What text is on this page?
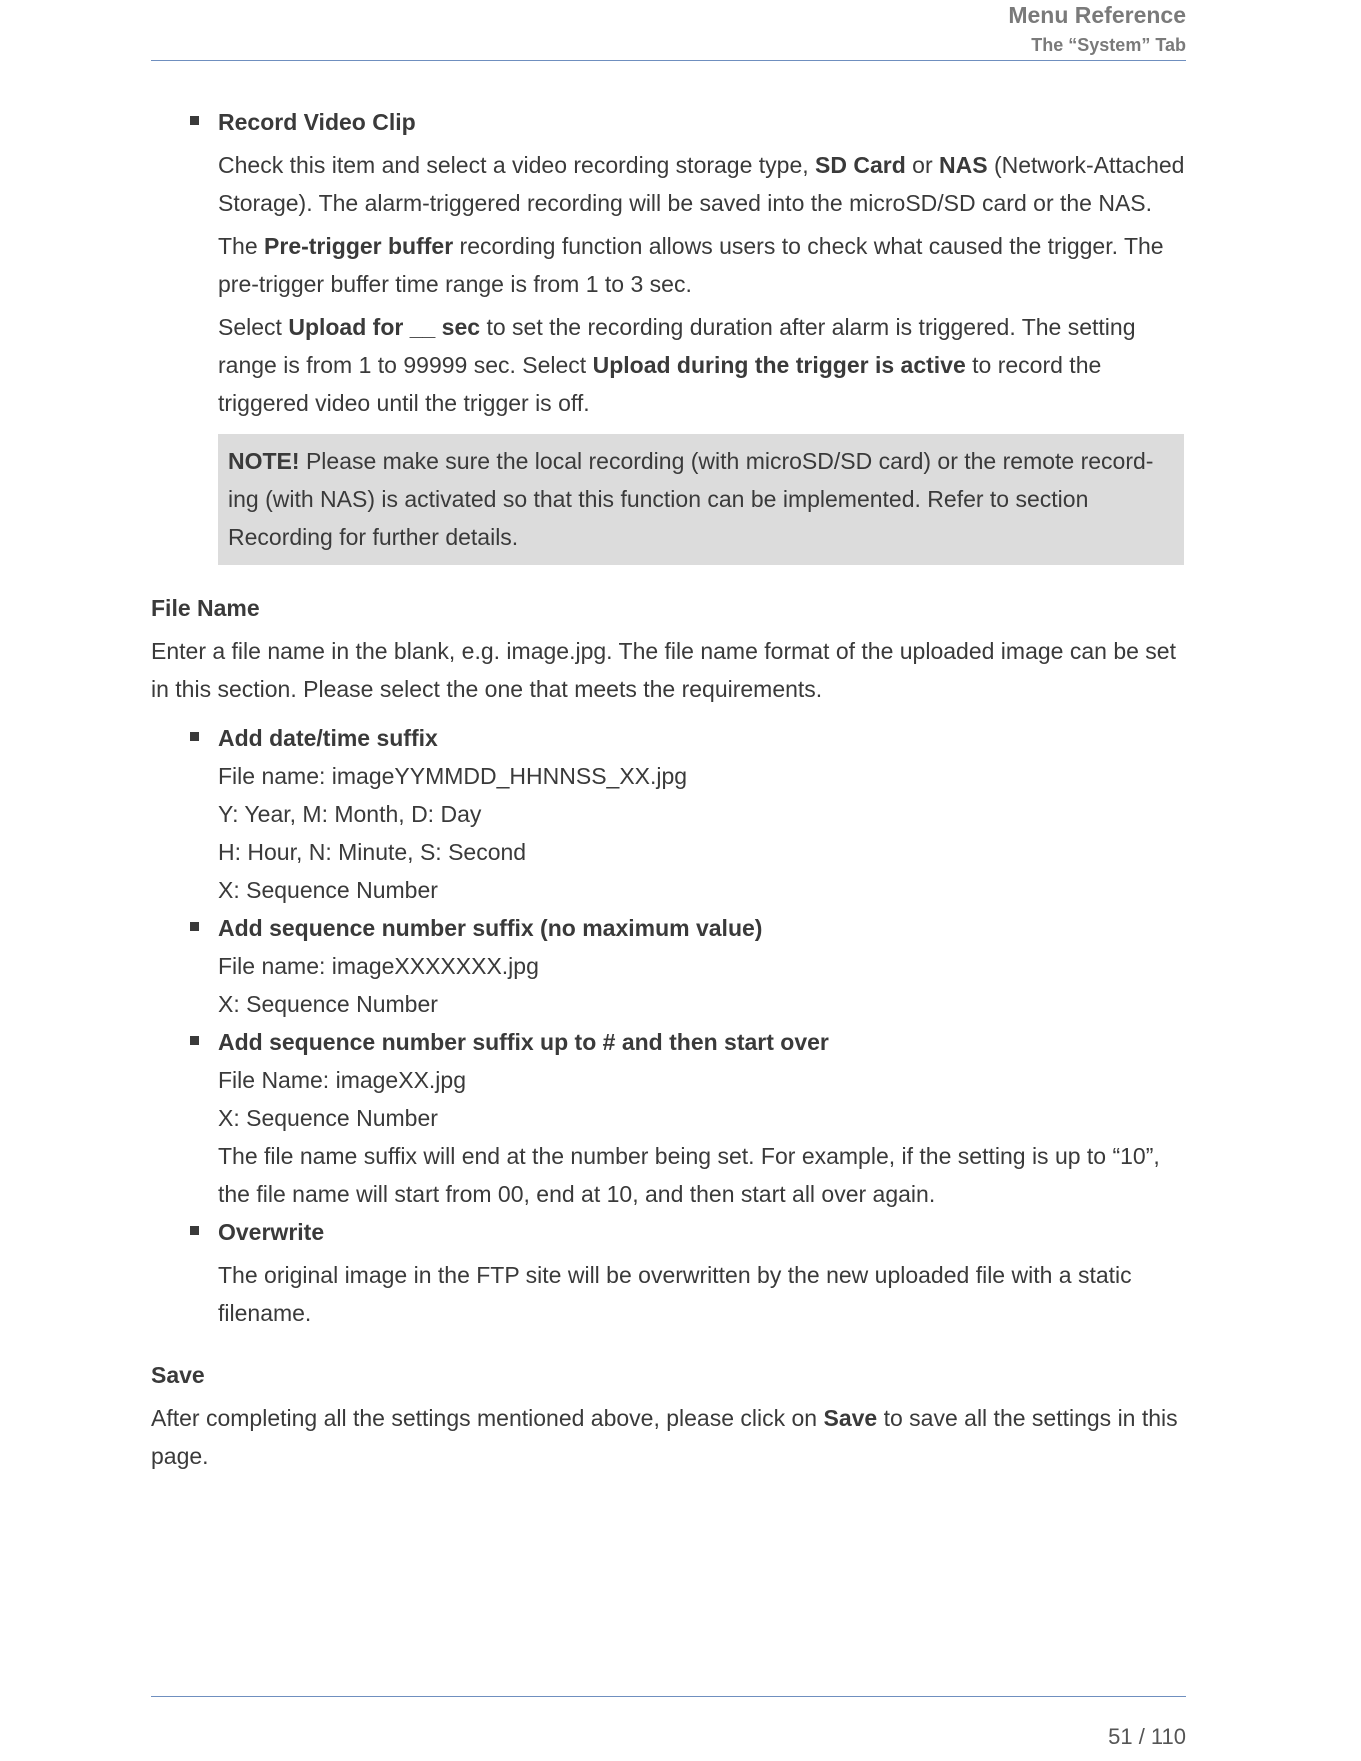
Menu Reference
The “System” Tab

Record Video Clip

Check this item and select a video recording storage type, SD Card or NAS (Network-Attached Storage). The alarm-triggered recording will be saved into the microSD/SD card or the NAS.

The Pre-trigger buffer recording function allows users to check what caused the trigger. The pre-trigger buffer time range is from 1 to 3 sec.

Select Upload for __ sec to set the recording duration after alarm is triggered. The setting range is from 1 to 99999 sec. Select Upload during the trigger is active to record the triggered video until the trigger is off.

NOTE! Please make sure the local recording (with microSD/SD card) or the remote record-ing (with NAS) is activated so that this function can be implemented. Refer to section Recording for further details.

File Name

Enter a file name in the blank, e.g. image.jpg. The file name format of the uploaded image can be set in this section. Please select the one that meets the requirements.

Add date/time suffix

File name: imageYYMMDD_HHNNSS_XX.jpg

Y: Year, M: Month, D: Day

H: Hour, N: Minute, S: Second

X: Sequence Number

Add sequence number suffix (no maximum value)

File name: imageXXXXXXX.jpg

X: Sequence Number

Add sequence number suffix up to # and then start over

File Name: imageXX.jpg

X: Sequence Number

The file name suffix will end at the number being set. For example, if the setting is up to “10”, the file name will start from 00, end at 10, and then start all over again.

Overwrite

The original image in the FTP site will be overwritten by the new uploaded file with a static filename.

Save

After completing all the settings mentioned above, please click on Save to save all the settings in this page.

51 / 110
